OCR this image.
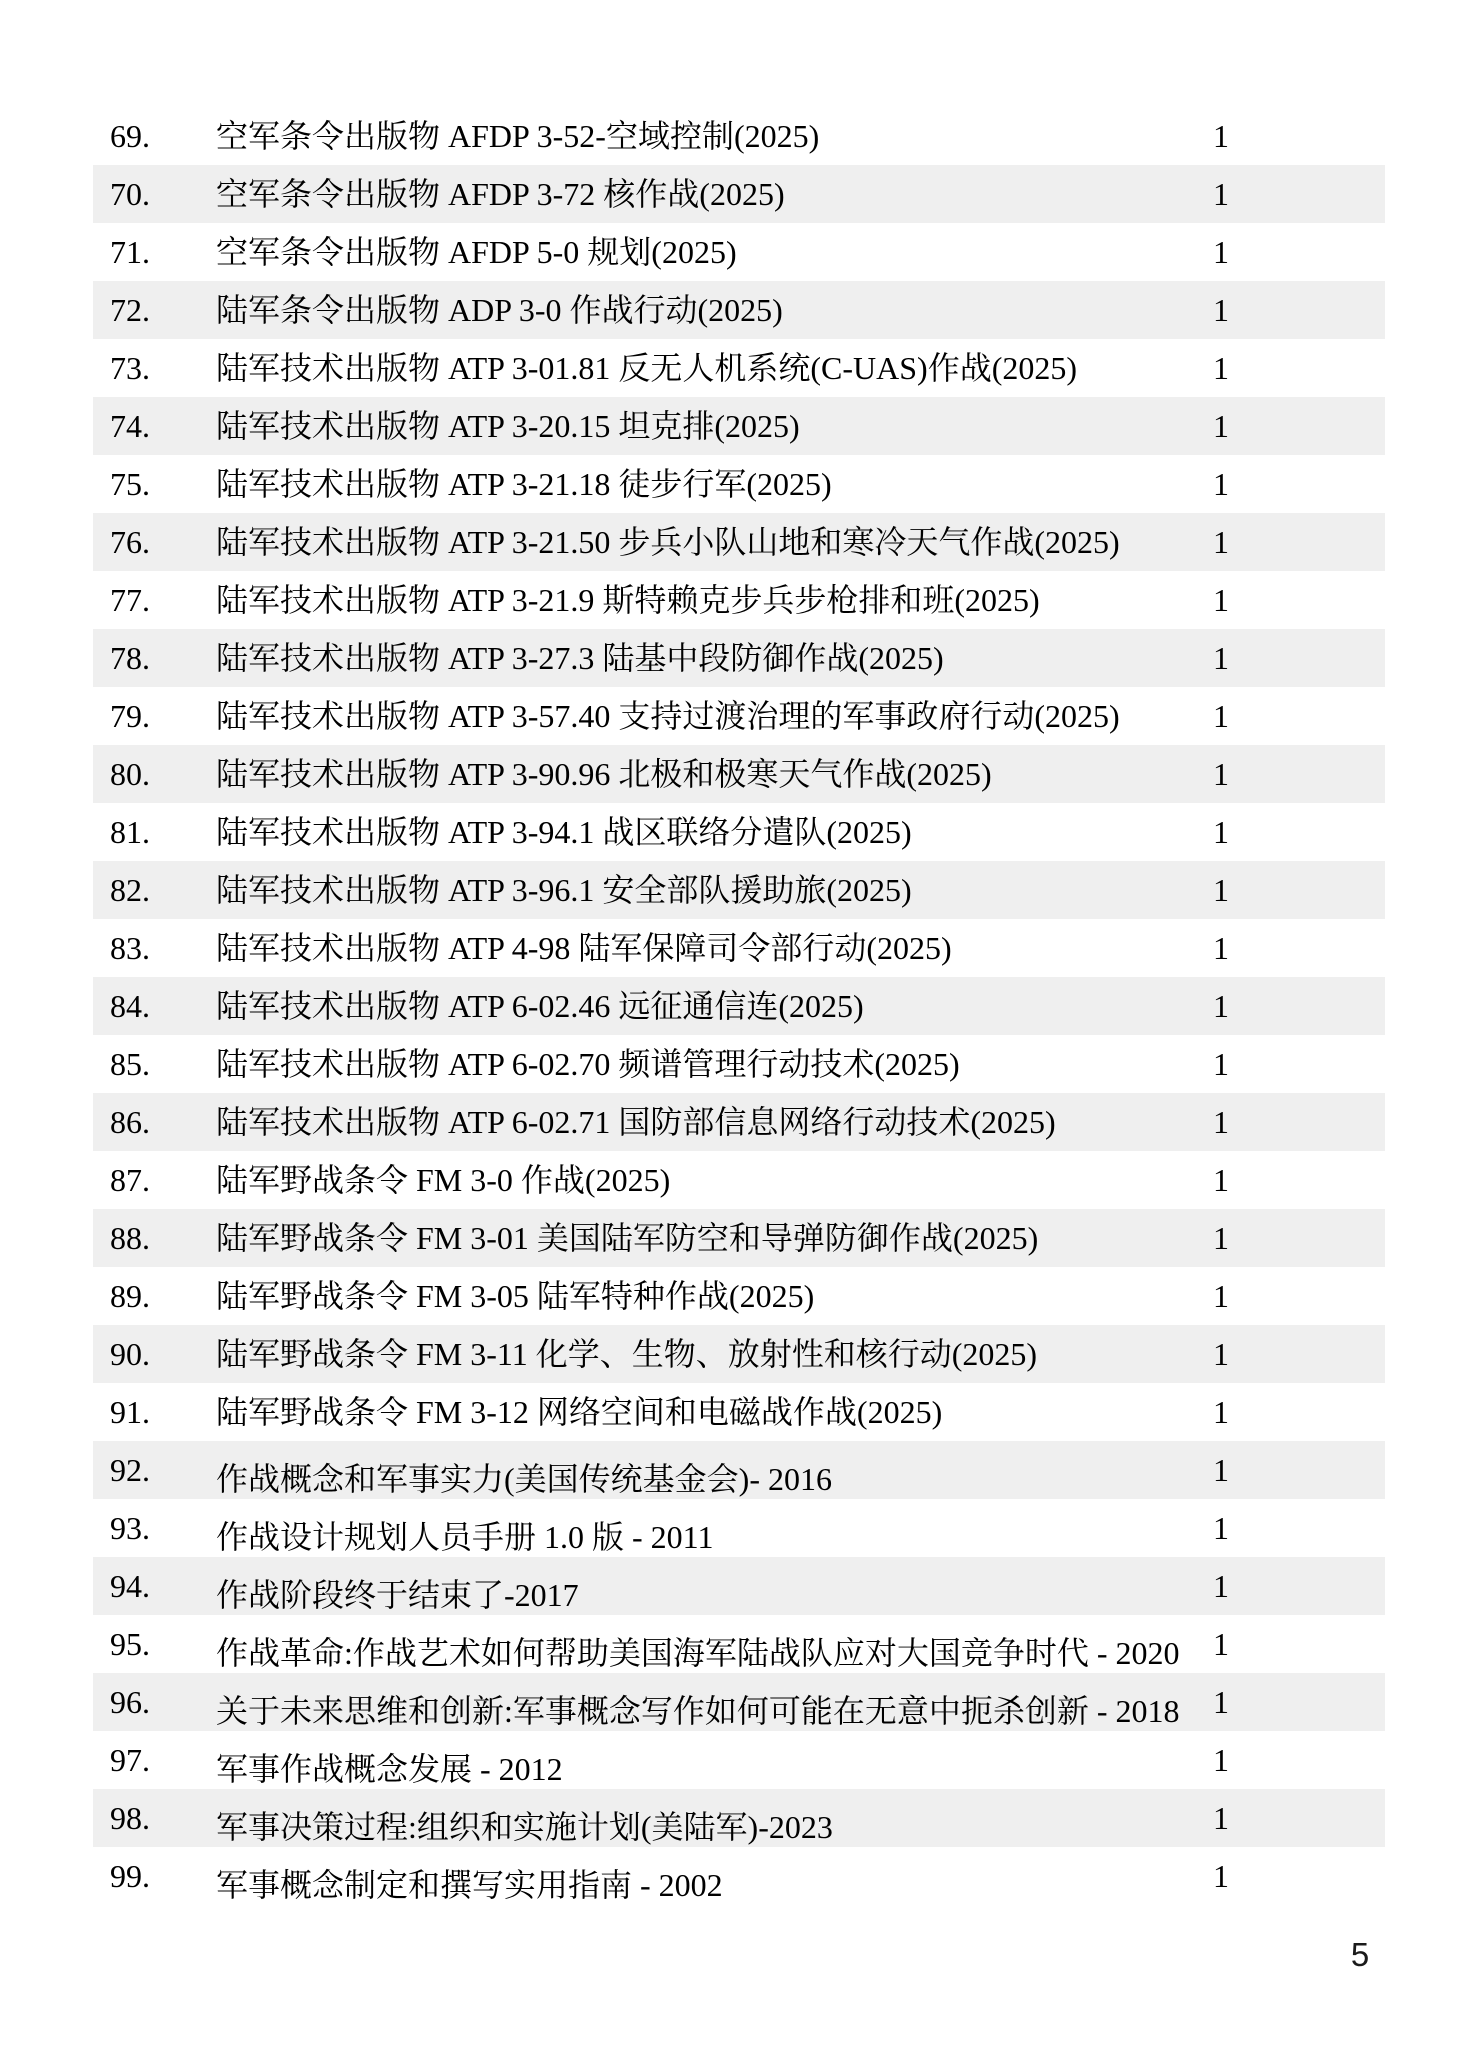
69.	空军条令出版物 AFDP 3-52-空域控制(2025)	1
70.	空军条令出版物 AFDP 3-72 核作战(2025)	1
71.	空军条令出版物 AFDP 5-0 规划(2025)	1
72.	陆军条令出版物 ADP 3-0 作战行动(2025)	1
73.	陆军技术出版物 ATP 3-01.81 反无人机系统(C-UAS)作战(2025)	1
74.	陆军技术出版物 ATP 3-20.15 坦克排(2025)	1
75.	陆军技术出版物 ATP 3-21.18 徒步行军(2025)	1
76.	陆军技术出版物 ATP 3-21.50 步兵小队山地和寒冷天气作战(2025)	1
77.	陆军技术出版物 ATP 3-21.9 斯特赖克步兵步枪排和班(2025)	1
78.	陆军技术出版物 ATP 3-27.3 陆基中段防御作战(2025)	1
79.	陆军技术出版物 ATP 3-57.40 支持过渡治理的军事政府行动(2025)	1
80.	陆军技术出版物 ATP 3-90.96 北极和极寒天气作战(2025)	1
81.	陆军技术出版物 ATP 3-94.1 战区联络分遣队(2025)	1
82.	陆军技术出版物 ATP 3-96.1 安全部队援助旅(2025)	1
83.	陆军技术出版物 ATP 4-98 陆军保障司令部行动(2025)	1
84.	陆军技术出版物 ATP 6-02.46 远征通信连(2025)	1
85.	陆军技术出版物 ATP 6-02.70 频谱管理行动技术(2025)	1
86.	陆军技术出版物 ATP 6-02.71 国防部信息网络行动技术(2025)	1
87.	陆军野战条令 FM 3-0 作战(2025)	1
88.	陆军野战条令 FM 3-01 美国陆军防空和导弹防御作战(2025)	1
89.	陆军野战条令 FM 3-05 陆军特种作战(2025)	1
90.	陆军野战条令 FM 3-11 化学、生物、放射性和核行动(2025)	1
91.	陆军野战条令 FM 3-12 网络空间和电磁战作战(2025)	1
92.	作战概念和军事实力(美国传统基金会)- 2016	1
93.	作战设计规划人员手册 1.0 版 - 2011	1
94.	作战阶段终于结束了-2017	1
95.	作战革命:作战艺术如何帮助美国海军陆战队应对大国竞争时代 - 2020	1
96.	关于未来思维和创新:军事概念写作如何可能在无意中扼杀创新 - 2018	1
97.	军事作战概念发展 - 2012	1
98.	军事决策过程:组织和实施计划(美陆军)-2023	1
99.	军事概念制定和撰写实用指南 - 2002	1
5
